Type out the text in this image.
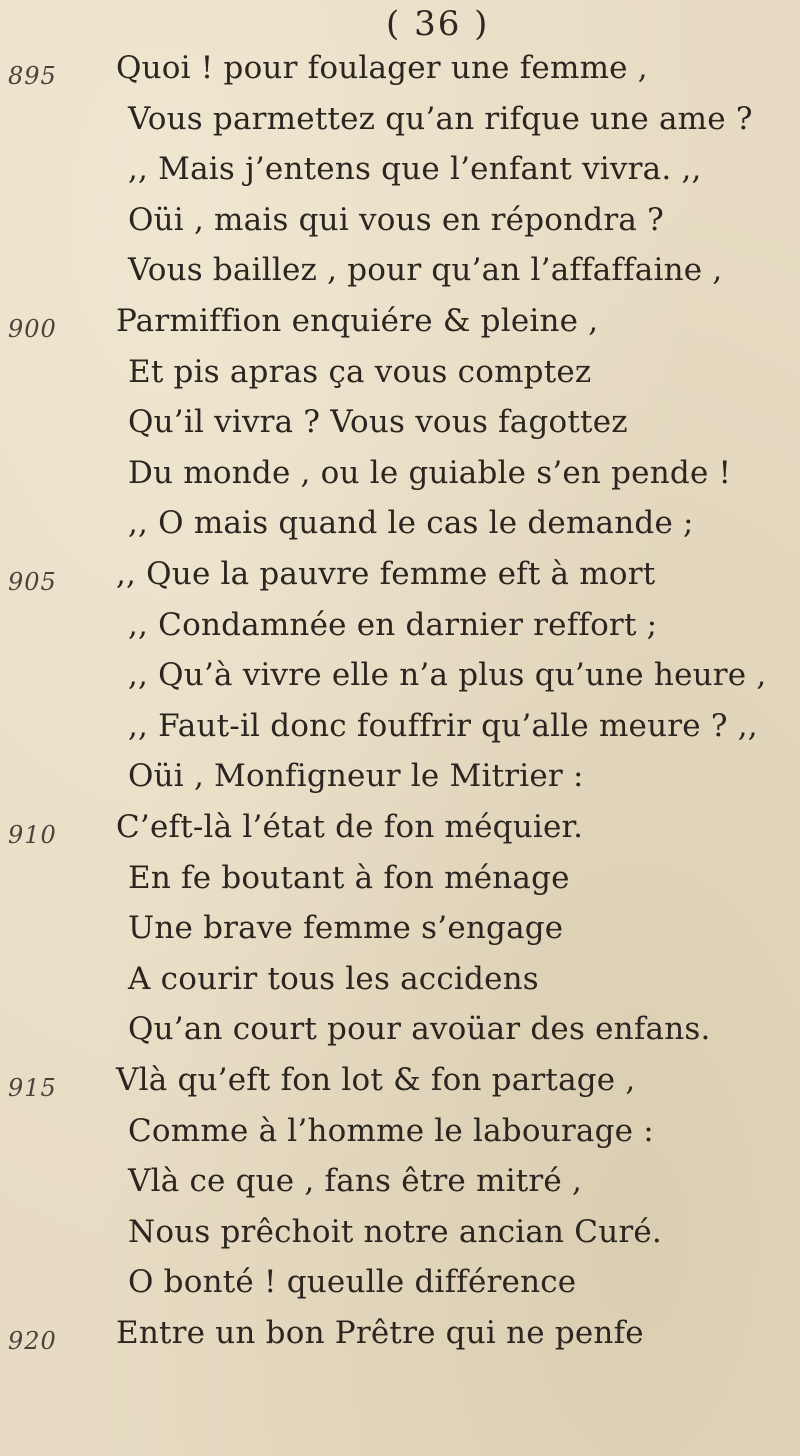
( 36 )
895 Quoi ! pour foulager une femme ,
Vous parmettez qu’an rifque une ame ?
,, Mais j’entens que l’enfant vivra. ,,
Oüi , mais qui vous en répondra ?
Vous baillez , pour qu’an l’affaffaine ,
900 Parmiffion enquiére & pleine ,
Et pis apras ça vous comptez
Qu’il vivra ? Vous vous fagottez
Du monde , ou le guiable s’en pende !
,, O mais quand le cas le demande ;
905 ,, Que la pauvre femme eft à mort
,, Condamnée en darnier reffort ;
,, Qu’à vivre elle n’a plus qu’une heure ,
,, Faut-il donc fouffrir qu’alle meure ? ,,
Oüi , Monfigneur le Mitrier :
910 C’eft-là l’état de fon méquier.
En fe boutant à fon ménage
Une brave femme s’engage
A courir tous les accidens
Qu’an court pour avoüar des enfans.
915 Vlà qu’eft fon lot & fon partage ,
Comme à l’homme le labourage :
Vlà ce que , fans être mitré ,
Nous prêchoit notre ancian Curé.
O bonté ! queulle différence
920 Entre un bon Prêtre qui ne penfe
